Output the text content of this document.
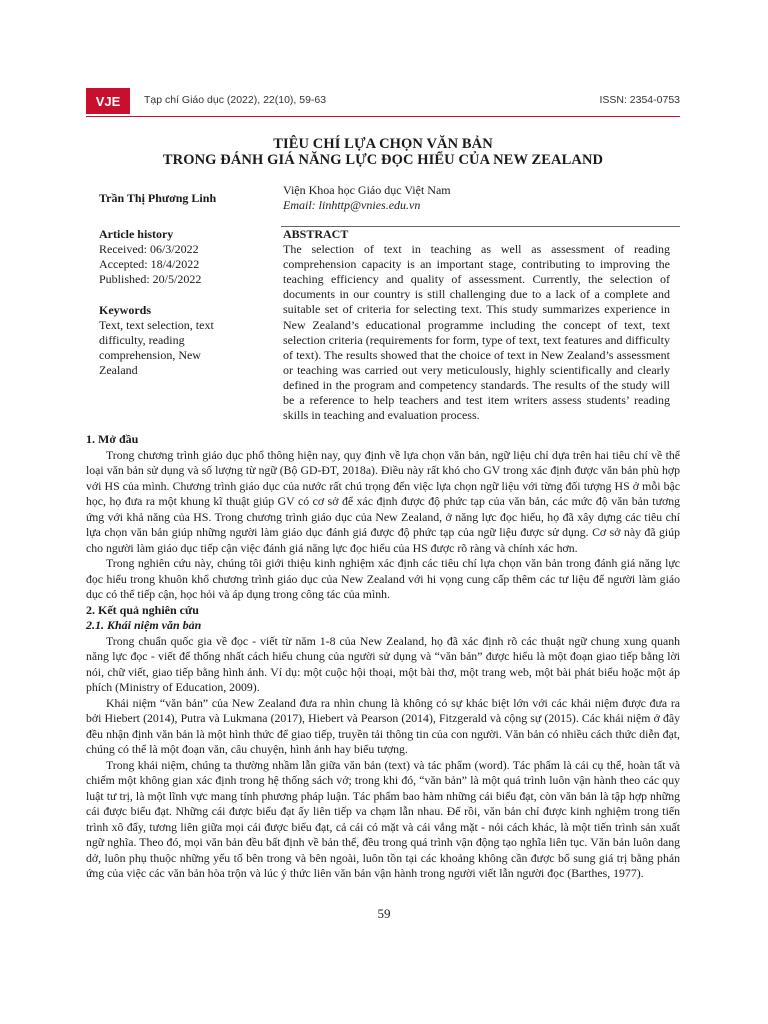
VJE	Tạp chí Giáo dục (2022), 22(10), 59-63	ISSN: 2354-0753
TIÊU CHÍ LỰA CHỌN VĂN BẢN
TRONG ĐÁNH GIÁ NĂNG LỰC ĐỌC HIỂU CỦA NEW ZEALAND
Trần Thị Phương Linh
Viện Khoa học Giáo dục Việt Nam
Email: linhttp@vnies.edu.vn
Article history
Received: 06/3/2022
Accepted: 18/4/2022
Published: 20/5/2022
Keywords
Text, text selection, text
difficulty, reading
comprehension, New
Zealand
ABSTRACT

The selection of text in teaching as well as assessment of reading comprehension capacity is an important stage, contributing to improving the teaching efficiency and quality of assessment. Currently, the selection of documents in our country is still challenging due to a lack of a complete and suitable set of criteria for selecting text. This study summarizes experience in New Zealand’s educational programme including the concept of text, text selection criteria (requirements for form, type of text, text features and difficulty of text). The results showed that the choice of text in New Zealand’s assessment or teaching was carried out very meticulously, highly scientifically and clearly defined in the program and competency standards. The results of the study will be a reference to help teachers and test item writers assess students’ reading skills in teaching and evaluation process.

1. Mở đầu

Trong chương trình giáo dục phổ thông hiện nay, quy định về lựa chọn văn bản, ngữ liệu chỉ dựa trên hai tiêu chí về thể loại văn bản sử dụng và số lượng từ ngữ (Bộ GD-ĐT, 2018a). Điều này rất khó cho GV trong xác định được văn bản phù hợp với HS của mình. Chương trình giáo dục của nước rất chú trọng đến việc lựa chọn ngữ liệu với từng đối tượng HS ở mỗi bậc học, họ đưa ra một khung kĩ thuật giúp GV có cơ sở để xác định được độ phức tạp của văn bản, các mức độ văn bản tương ứng với khả năng của HS. Trong chương trình giáo dục của New Zealand, ở năng lực đọc hiểu, họ đã xây dựng các tiêu chí lựa chọn văn bản giúp những người làm giáo dục đánh giá được độ phức tạp của ngữ liệu được sử dụng. Cơ sở này đã giúp cho người làm giáo dục tiếp cận việc đánh giá năng lực đọc hiểu của HS được rõ ràng và chính xác hơn.

Trong nghiên cứu này, chúng tôi giới thiệu kinh nghiệm xác định các tiêu chí lựa chọn văn bản trong đánh giá năng lực đọc hiểu trong khuôn khổ chương trình giáo dục của New Zealand với hi vọng cung cấp thêm các tư liệu để người làm giáo dục có thể tiếp cận, học hỏi và áp dụng trong công tác của mình.

2. Kết quả nghiên cứu
2.1. Khái niệm văn bản

Trong chuẩn quốc gia về đọc - viết từ năm 1-8 của New Zealand, họ đã xác định rõ các thuật ngữ chung xung quanh năng lực đọc - viết để thống nhất cách hiểu chung của người sử dụng và “văn bản” được hiểu là một đoạn giao tiếp bằng lời nói, chữ viết, giao tiếp bằng hình ảnh. Ví dụ: một cuộc hội thoại, một bài thơ, một trang web, một bài phát biểu hoặc một áp phích (Ministry of Education, 2009).

Khái niệm “văn bản” của New Zealand đưa ra nhìn chung là không có sự khác biệt lớn với các khái niệm được đưa ra bởi Hiebert (2014), Putra và Lukmana (2017), Hiebert và Pearson (2014), Fitzgerald và cộng sự (2015). Các khái niệm ở đây đều nhận định văn bản là một hình thức để giao tiếp, truyền tải thông tin của con người. Văn bản có nhiều cách thức diễn đạt, chúng có thể là một đoạn văn, câu chuyện, hình ảnh hay biểu tượng.

Trong khái niệm, chúng ta thường nhầm lẫn giữa văn bản (text) và tác phẩm (word). Tác phẩm là cái cụ thể, hoàn tất và chiếm một không gian xác định trong hệ thống sách vở; trong khi đó, “văn bản” là một quá trình luôn vận hành theo các quy luật tư trị, là một lĩnh vực mang tính phương pháp luận. Tác phẩm bao hàm những cái biểu đạt, còn văn bản là tập hợp những cái được biểu đạt. Những cái được biểu đạt ấy liên tiếp va chạm lẫn nhau. Để rồi, văn bản chỉ được kinh nghiệm trong tiến trình xô đẩy, tương liên giữa mọi cái được biểu đạt, cả cái có mặt và cái vắng mặt - nói cách khác, là một tiến trình sản xuất ngữ nghĩa. Theo đó, mọi văn bản đều bất định về bản thể, đều trong quá trình vận động tạo nghĩa liên tục. Văn bản luôn dang dở, luôn phụ thuộc những yếu tố bên trong và bên ngoài, luôn tồn tại các khoảng không cần được bổ sung giá trị bằng phản ứng của việc các văn bản hòa trộn và lúc ý thức liên văn bản vận hành trong người viết lẫn người đọc (Barthes, 1977).

59
